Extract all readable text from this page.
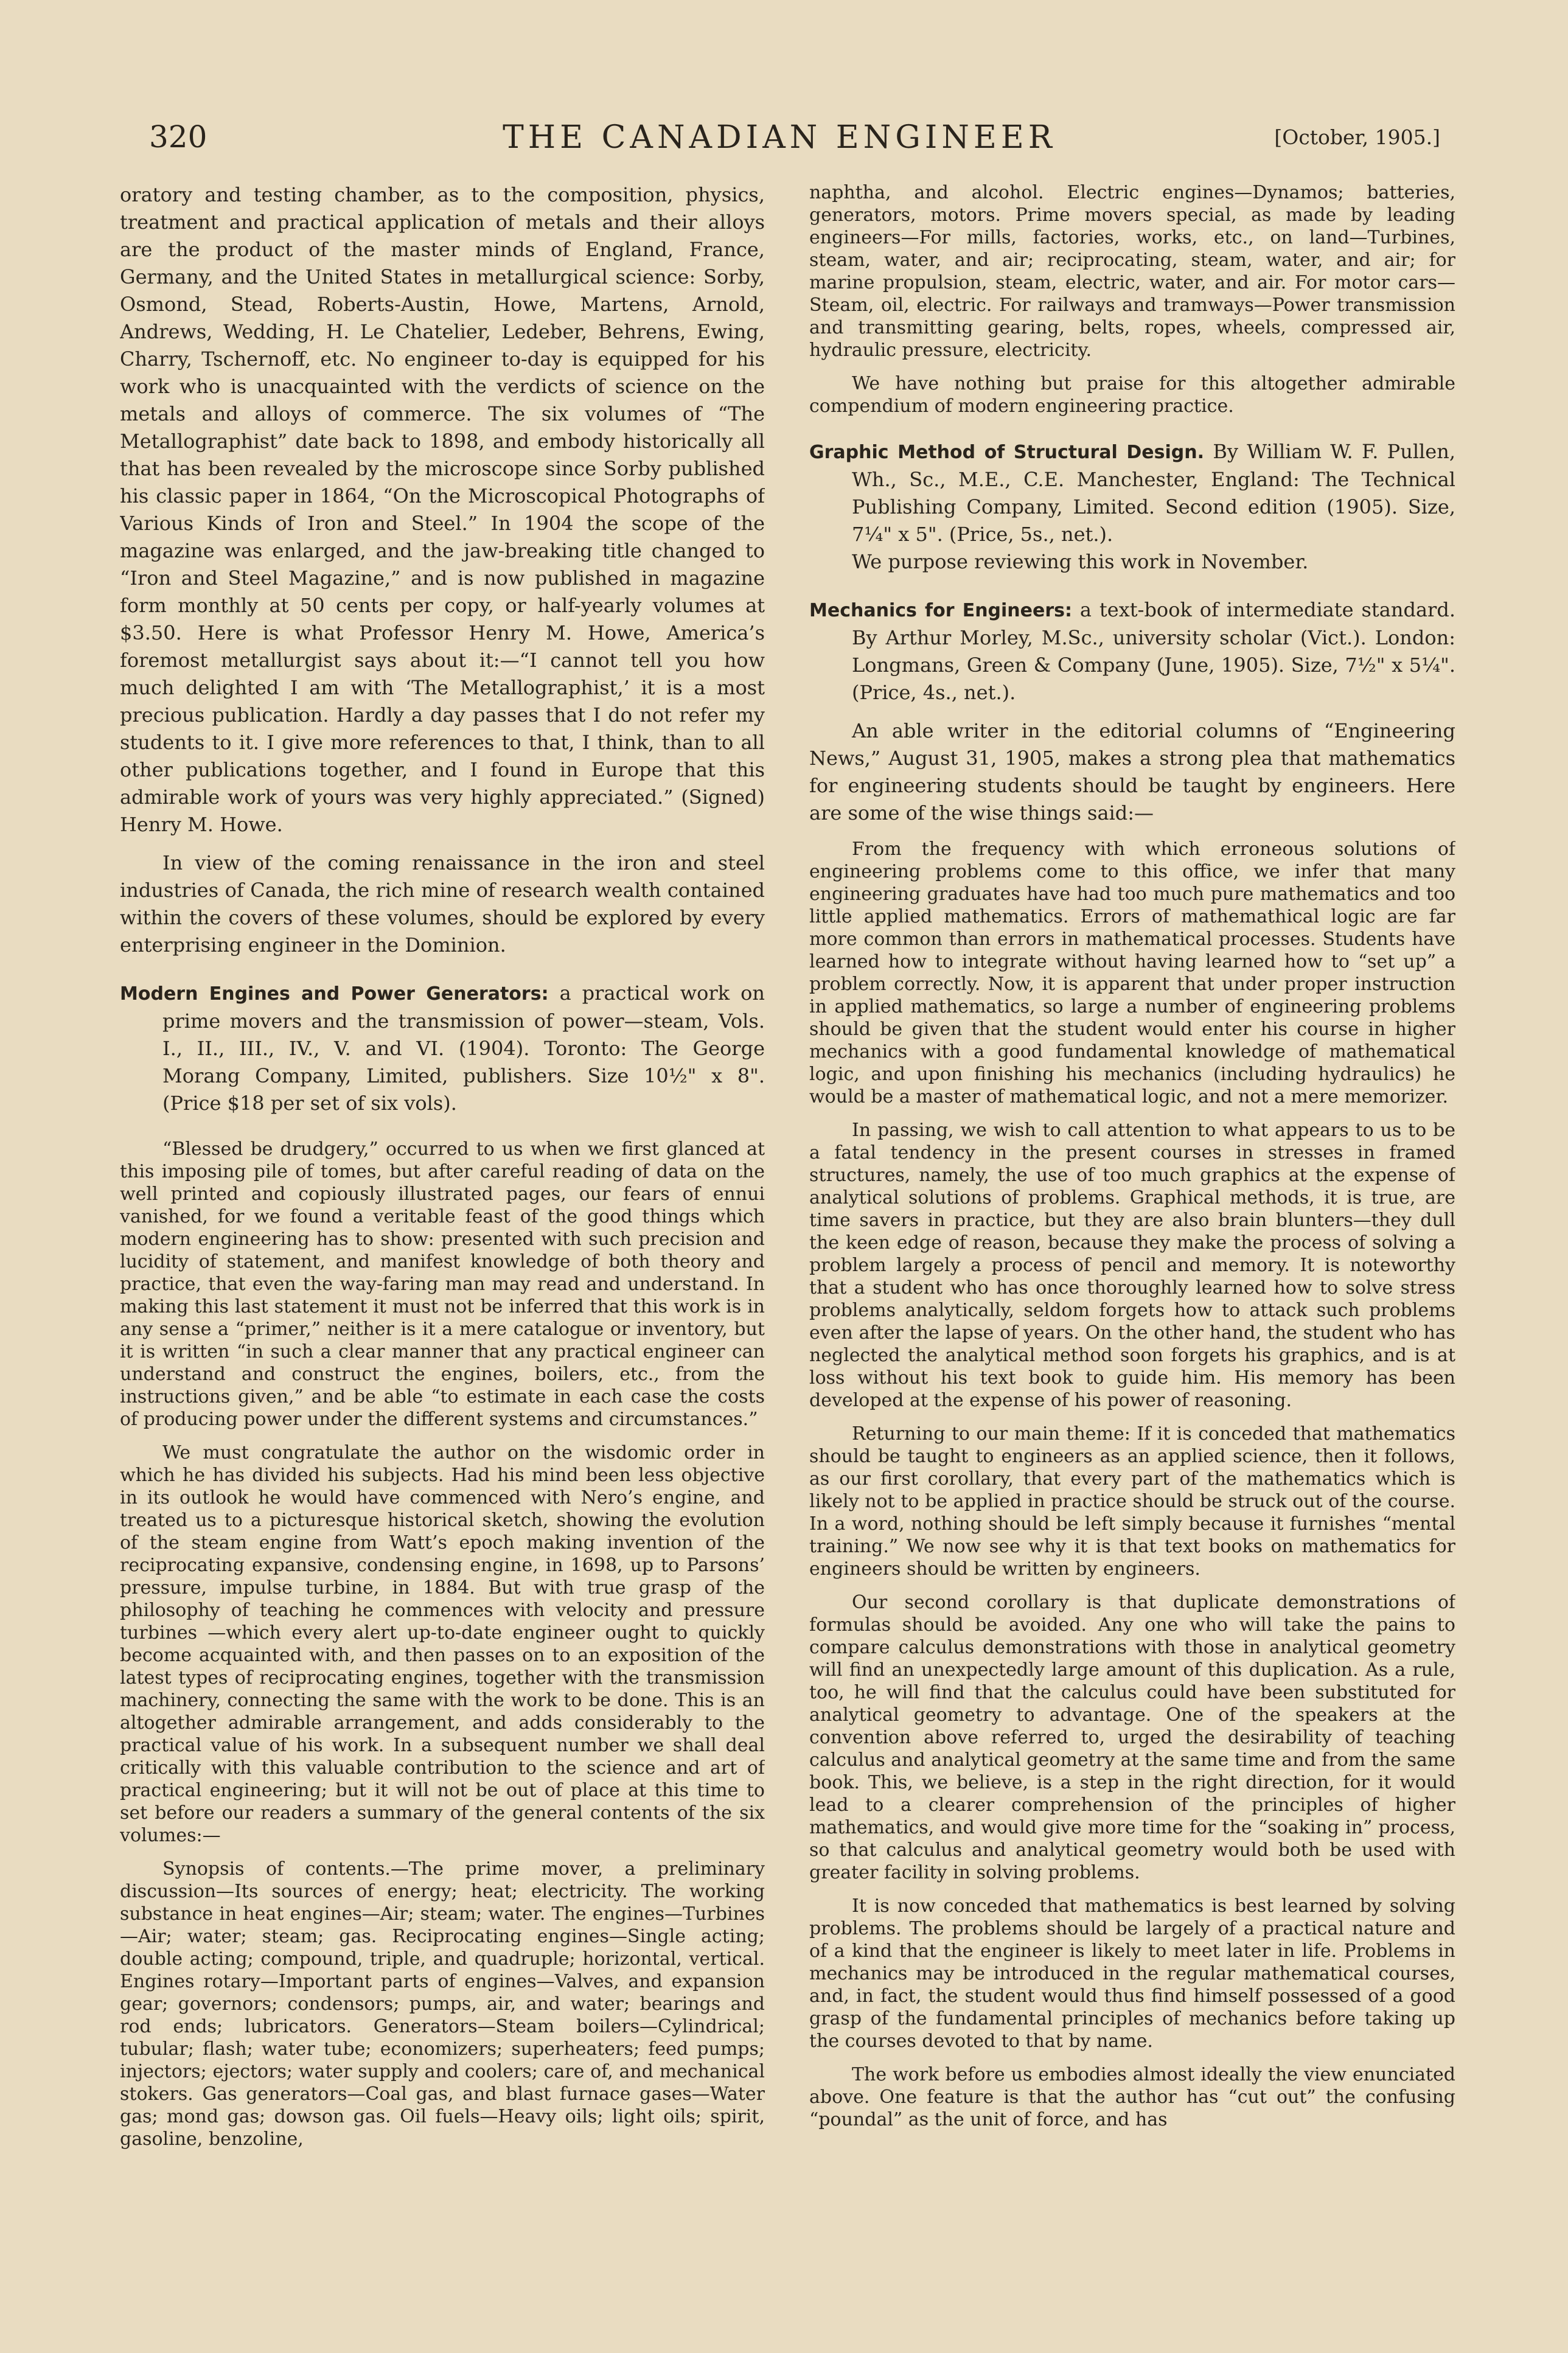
320	THE CANADIAN ENGINEER	[October, 1905.]

oratory and testing chamber, as to the composition, physics, treatment and practical application of metals and their alloys are the product of the master minds of England, France, Germany, and the United States in metallurgical science: Sorby, Osmond, Stead, Roberts-Austin, Howe, Martens, Arnold, Andrews, Wedding, H. Le Chatelier, Ledeber, Behrens, Ewing, Charry, Tschernoff, etc. No engineer to-day is equipped for his work who is unacquainted with the verdicts of science on the metals and alloys of commerce. The six volumes of “The Metallographist” date back to 1898, and embody historically all that has been revealed by the microscope since Sorby published his classic paper in 1864, “On the Microscopical Photographs of Various Kinds of Iron and Steel.” In 1904 the scope of the magazine was enlarged, and the jaw-breaking title changed to “Iron and Steel Magazine,” and is now published in magazine form monthly at 50 cents per copy, or half-yearly volumes at $3.50. Here is what Professor Henry M. Howe, America’s foremost metallurgist says about it:—“I cannot tell you how much delighted I am with ‘The Metallographist,’ it is a most precious publication. Hardly a day passes that I do not refer my students to it. I give more references to that, I think, than to all other publications together, and I found in Europe that this admirable work of yours was very highly appreciated.” (Signed) Henry M. Howe.

In view of the coming renaissance in the iron and steel industries of Canada, the rich mine of research wealth contained within the covers of these volumes, should be explored by every enterprising engineer in the Dominion.

Modern Engines and Power Generators: a practical work on prime movers and the transmission of power—steam, Vols. I., II., III., IV., V. and VI. (1904). Toronto: The George Morang Company, Limited, publishers. Size 10½" x 8". (Price $18 per set of six vols).

“Blessed be drudgery,” occurred to us when we first glanced at this imposing pile of tomes, but after careful reading of data on the well printed and copiously illustrated pages, our fears of ennui vanished, for we found a veritable feast of the good things which modern engineering has to show: presented with such precision and lucidity of statement, and manifest knowledge of both theory and practice, that even the way-faring man may read and understand. In making this last statement it must not be inferred that this work is in any sense a “primer,” neither is it a mere catalogue or inventory, but it is written “in such a clear manner that any practical engineer can understand and construct the engines, boilers, etc., from the instructions given,” and be able “to estimate in each case the costs of producing power under the different systems and circumstances.”

We must congratulate the author on the wisdomic order in which he has divided his subjects. Had his mind been less objective in its outlook he would have commenced with Nero’s engine, and treated us to a picturesque historical sketch, showing the evolution of the steam engine from Watt’s epoch making invention of the reciprocating expansive, condensing engine, in 1698, up to Parsons’ pressure, impulse turbine, in 1884. But with true grasp of the philosophy of teaching he commences with velocity and pressure turbines —which every alert up-to-date engineer ought to quickly become acquainted with, and then passes on to an exposition of the latest types of reciprocating engines, together with the transmission machinery, connecting the same with the work to be done. This is an altogether admirable arrangement, and adds considerably to the practical value of his work. In a subsequent number we shall deal critically with this valuable contribution to the science and art of practical engineering; but it will not be out of place at this time to set before our readers a summary of the general contents of the six volumes:—

Synopsis of contents.—The prime mover, a preliminary discussion—Its sources of energy; heat; electricity. The working substance in heat engines—Air; steam; water. The engines—Turbines—Air; water; steam; gas. Reciprocating engines—Single acting; double acting; compound, triple, and quadruple; horizontal, vertical. Engines rotary—Important parts of engines—Valves, and expansion gear; governors; condensors; pumps, air, and water; bearings and rod ends; lubricators. Generators—Steam boilers—Cylindrical; tubular; flash; water tube; economizers; superheaters; feed pumps; injectors; ejectors; water supply and coolers; care of, and mechanical stokers. Gas generators—Coal gas, and blast furnace gases—Water gas; mond gas; dowson gas. Oil fuels—Heavy oils; light oils; spirit, gasoline, benzoline,

naphtha, and alcohol. Electric engines—Dynamos; batteries, generators, motors. Prime movers special, as made by leading engineers—For mills, factories, works, etc., on land—Turbines, steam, water, and air; reciprocating, steam, water, and air; for marine propulsion, steam, electric, water, and air. For motor cars—Steam, oil, electric. For railways and tramways—Power transmission and transmitting gearing, belts, ropes, wheels, compressed air, hydraulic pressure, electricity.

We have nothing but praise for this altogether admirable compendium of modern engineering practice.

Graphic Method of Structural Design. By William W. F. Pullen, Wh., Sc., M.E., C.E. Manchester, England: The Technical Publishing Company, Limited. Second edition (1905). Size, 7¼" x 5". (Price, 5s., net.).

We purpose reviewing this work in November.

Mechanics for Engineers: a text-book of intermediate standard. By Arthur Morley, M.Sc., university scholar (Vict.). London: Longmans, Green & Company (June, 1905). Size, 7½" x 5¼". (Price, 4s., net.).

An able writer in the editorial columns of “Engineering News,” August 31, 1905, makes a strong plea that mathematics for engineering students should be taught by engineers. Here are some of the wise things said:—

From the frequency with which erroneous solutions of engineering problems come to this office, we infer that many engineering graduates have had too much pure mathematics and too little applied mathematics. Errors of mathemathical logic are far more common than errors in mathematical processes. Students have learned how to integrate without having learned how to “set up” a problem correctly. Now, it is apparent that under proper instruction in applied mathematics, so large a number of engineering problems should be given that the student would enter his course in higher mechanics with a good fundamental knowledge of mathematical logic, and upon finishing his mechanics (including hydraulics) he would be a master of mathematical logic, and not a mere memorizer.

In passing, we wish to call attention to what appears to us to be a fatal tendency in the present courses in stresses in framed structures, namely, the use of too much graphics at the expense of analytical solutions of problems. Graphical methods, it is true, are time savers in practice, but they are also brain blunters—they dull the keen edge of reason, because they make the process of solving a problem largely a process of pencil and memory. It is noteworthy that a student who has once thoroughly learned how to solve stress problems analytically, seldom forgets how to attack such problems even after the lapse of years. On the other hand, the student who has neglected the analytical method soon forgets his graphics, and is at loss without his text book to guide him. His memory has been developed at the expense of his power of reasoning.

Returning to our main theme: If it is conceded that mathematics should be taught to engineers as an applied science, then it follows, as our first corollary, that every part of the mathematics which is likely not to be applied in practice should be struck out of the course. In a word, nothing should be left simply because it furnishes “mental training.” We now see why it is that text books on mathematics for engineers should be written by engineers.

Our second corollary is that duplicate demonstrations of formulas should be avoided. Any one who will take the pains to compare calculus demonstrations with those in analytical geometry will find an unexpectedly large amount of this duplication. As a rule, too, he will find that the calculus could have been substituted for analytical geometry to advantage. One of the speakers at the convention above referred to, urged the desirability of teaching calculus and analytical geometry at the same time and from the same book. This, we believe, is a step in the right direction, for it would lead to a clearer comprehension of the principles of higher mathematics, and would give more time for the “soaking in” process, so that calculus and analytical geometry would both be used with greater facility in solving problems.

It is now conceded that mathematics is best learned by solving problems. The problems should be largely of a practical nature and of a kind that the engineer is likely to meet later in life. Problems in mechanics may be introduced in the regular mathematical courses, and, in fact, the student would thus find himself possessed of a good grasp of the fundamental principles of mechanics before taking up the courses devoted to that by name.

The work before us embodies almost ideally the view enunciated above. One feature is that the author has “cut out” the confusing “poundal” as the unit of force, and has
